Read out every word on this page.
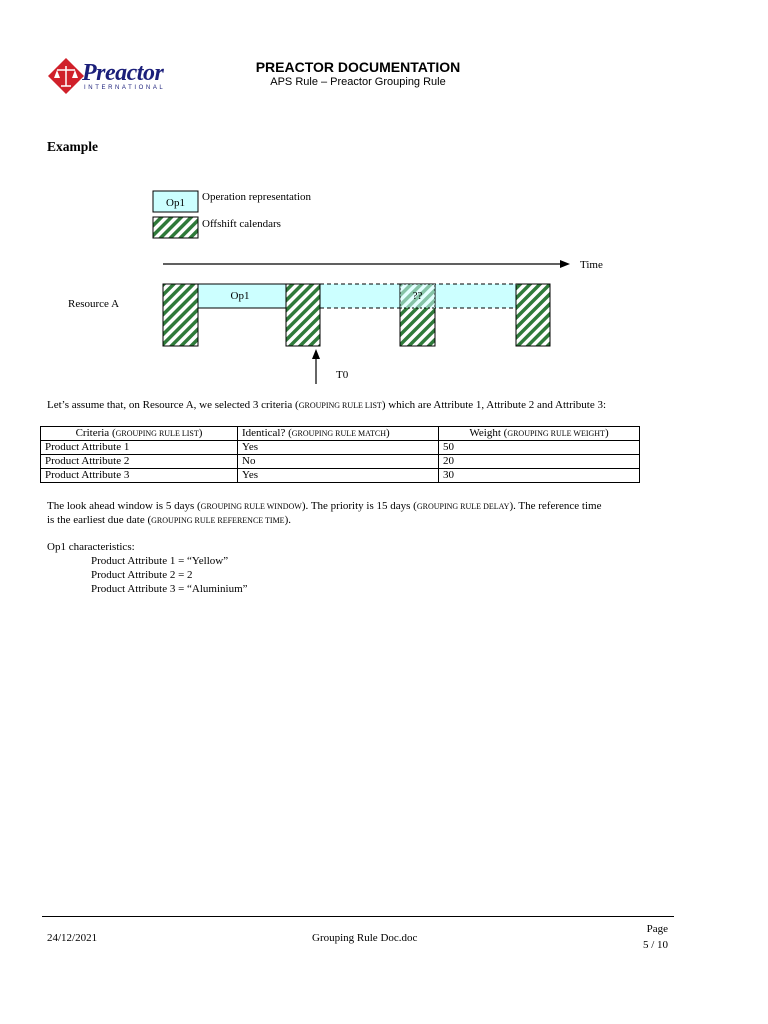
Preactor
INTERNATIONAL
PREACTOR DOCUMENTATION
APS Rule – Preactor Grouping Rule
Example
Op1 Operation representation
Offshift calendars
Time
Resource A
Op1	??
T0
Let’s assume that, on Resource A, we selected 3 criteria (GROUPING RULE LIST) which are Attribute 1, Attribute 2 and Attribute 3:
Criteria (GROUPING RULE LIST)	Identical? (GROUPING RULE MATCH)	Weight (GROUPING RULE WEIGHT)
Product Attribute 1	Yes	50
Product Attribute 2	No	20
Product Attribute 3	Yes	30
The look ahead window is 5 days (GROUPING RULE WINDOW). The priority is 15 days (GROUPING RULE DELAY). The reference time
is the earliest due date (GROUPING RULE REFERENCE TIME).
Op1 characteristics:
Product Attribute 1 = “Yellow”
Product Attribute 2 = 2
Product Attribute 3 = “Aluminium”
24/12/2021	Grouping Rule Doc.doc
Page
5 / 10
